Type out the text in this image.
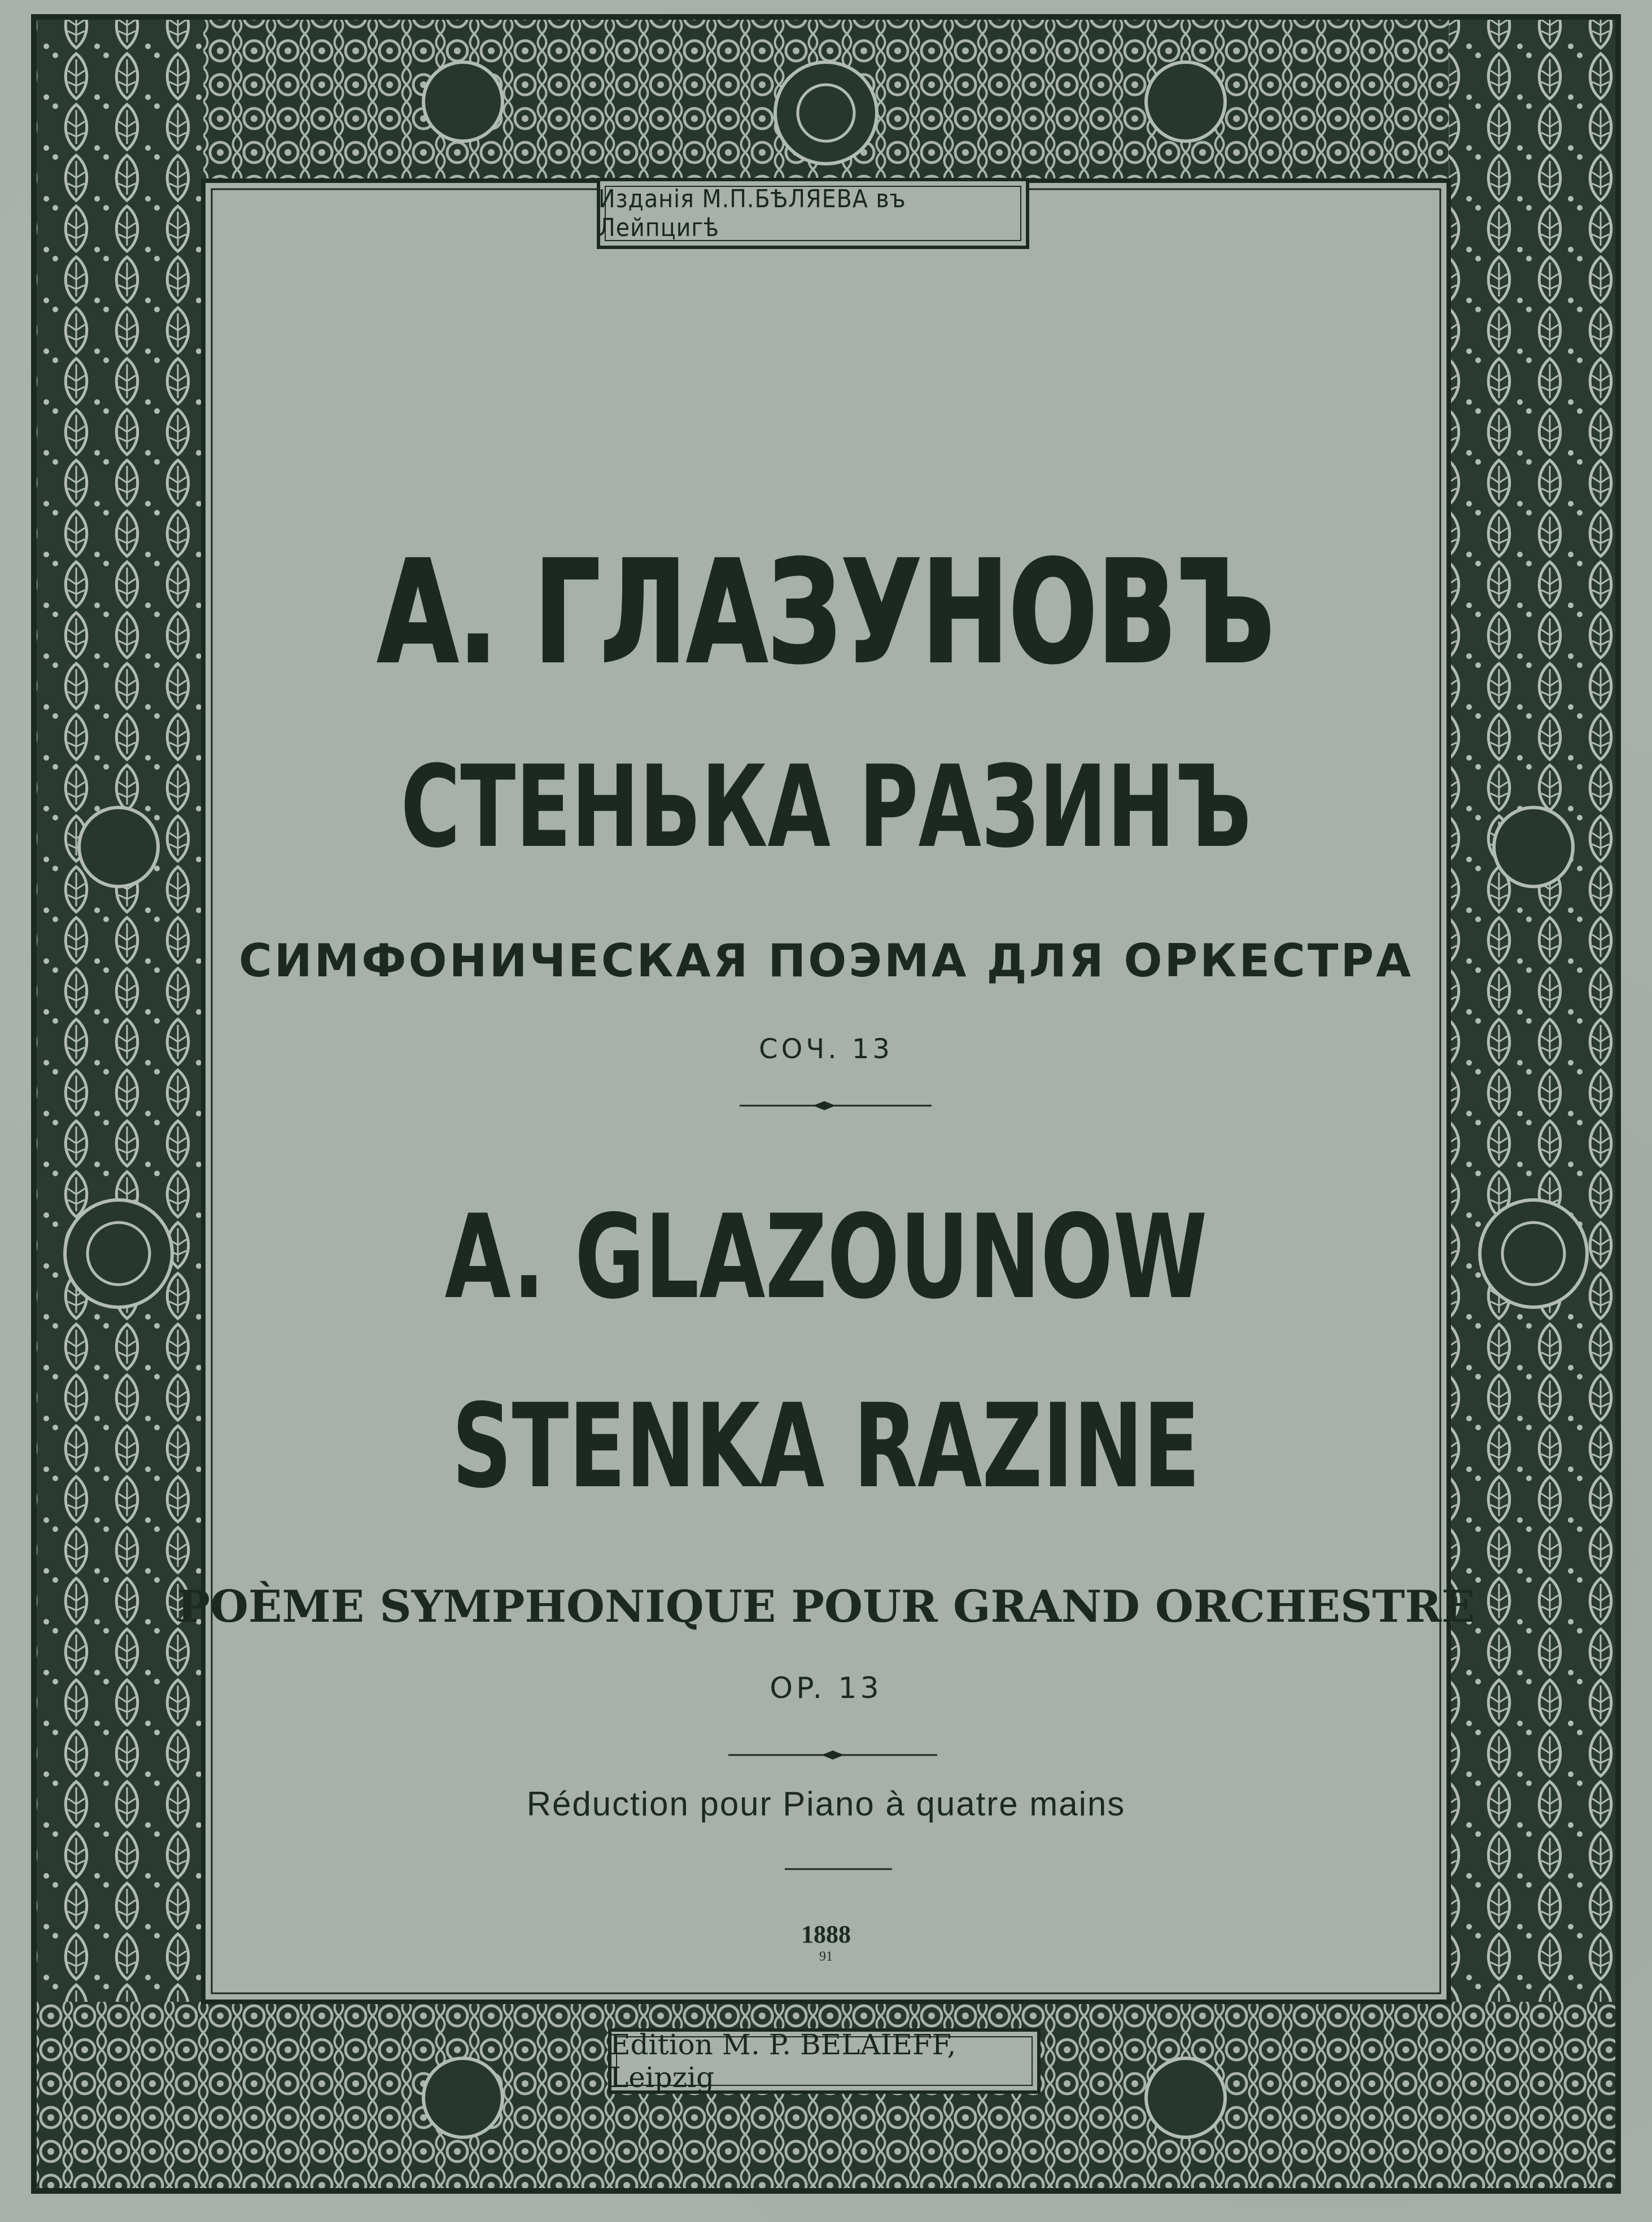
Изданія М.П.БѢЛЯЕВА въ Лейпцигѣ
А. ГЛАЗУНОВЪ
СТЕНЬКА РАЗИНЪ
СИМФОНИЧЕСКАЯ ПОЭМА ДЛЯ ОРКЕСТРА
СОЧ. 13
A. GLAZOUNOW
STENKA RAZINE
POÈME SYMPHONIQUE POUR GRAND ORCHESTRE
OP. 13
Réduction pour Piano à quatre mains
1888
91
Edition M. P. BELAÏEFF, Leipzig
